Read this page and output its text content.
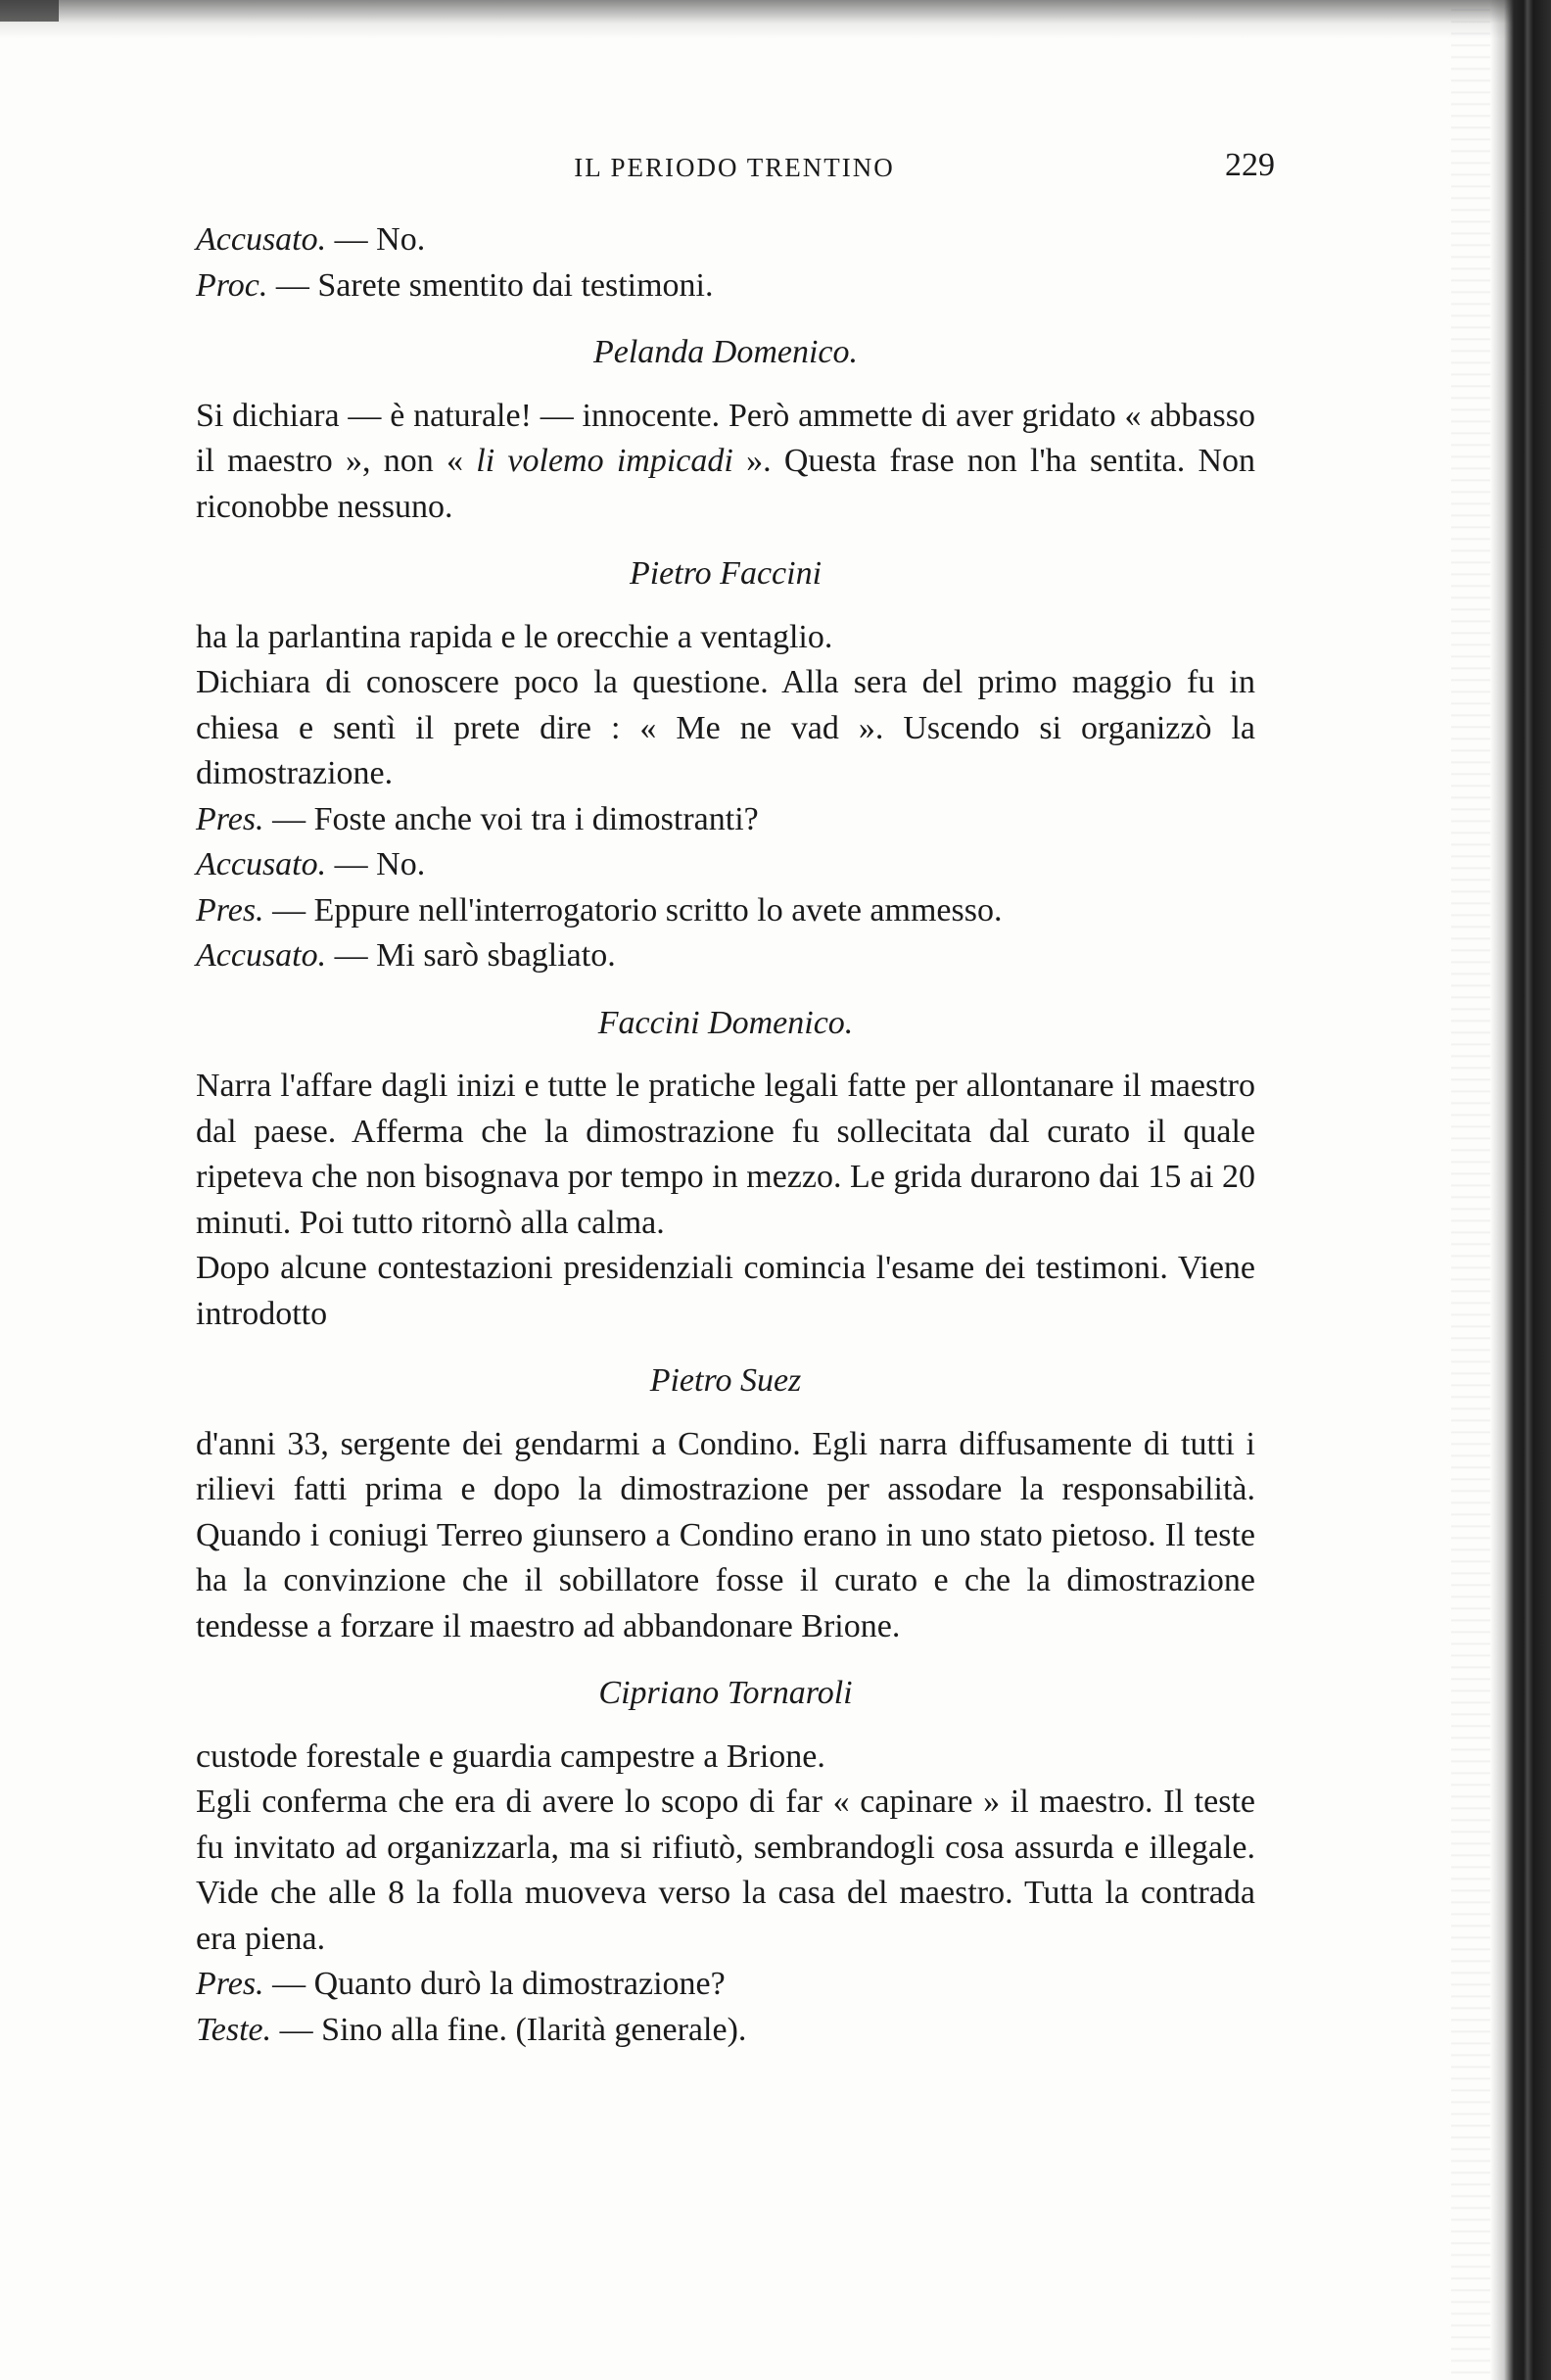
IL PERIODO TRENTINO	229

Accusato. — No.

Proc. — Sarete smentito dai testimoni.

Pelanda Domenico.

Si dichiara — è naturale! — innocente. Però ammette di aver gridato « abbasso il maestro », non « li volemo impicadi ». Questa frase non l'ha sentita. Non riconobbe nessuno.

Pietro Faccini

ha la parlantina rapida e le orecchie a ventaglio.

Dichiara di conoscere poco la questione. Alla sera del primo maggio fu in chiesa e sentì il prete dire : « Me ne vad ». Uscendo si organizzò la dimostrazione.

Pres. — Foste anche voi tra i dimostranti?

Accusato. — No.

Pres. — Eppure nell'interrogatorio scritto lo avete ammesso.

Accusato. — Mi sarò sbagliato.

Faccini Domenico.

Narra l'affare dagli inizi e tutte le pratiche legali fatte per allontanare il maestro dal paese. Afferma che la dimostrazione fu sollecitata dal curato il quale ripeteva che non bisognava por tempo in mezzo. Le grida durarono dai 15 ai 20 minuti. Poi tutto ritornò alla calma.

Dopo alcune contestazioni presidenziali comincia l'esame dei testimoni. Viene introdotto

Pietro Suez

d'anni 33, sergente dei gendarmi a Condino. Egli narra diffusamente di tutti i rilievi fatti prima e dopo la dimostrazione per assodare la responsabilità. Quando i coniugi Terreo giunsero a Condino erano in uno stato pietoso. Il teste ha la convinzione che il sobillatore fosse il curato e che la dimostrazione tendesse a forzare il maestro ad abbandonare Brione.

Cipriano Tornaroli

custode forestale e guardia campestre a Brione.

Egli conferma che era di avere lo scopo di far « capinare » il maestro. Il teste fu invitato ad organizzarla, ma si rifiutò, sembrandogli cosa assurda e illegale. Vide che alle 8 la folla muoveva verso la casa del maestro. Tutta la contrada era piena.

Pres. — Quanto durò la dimostrazione?

Teste. — Sino alla fine. (Ilarità generale).
